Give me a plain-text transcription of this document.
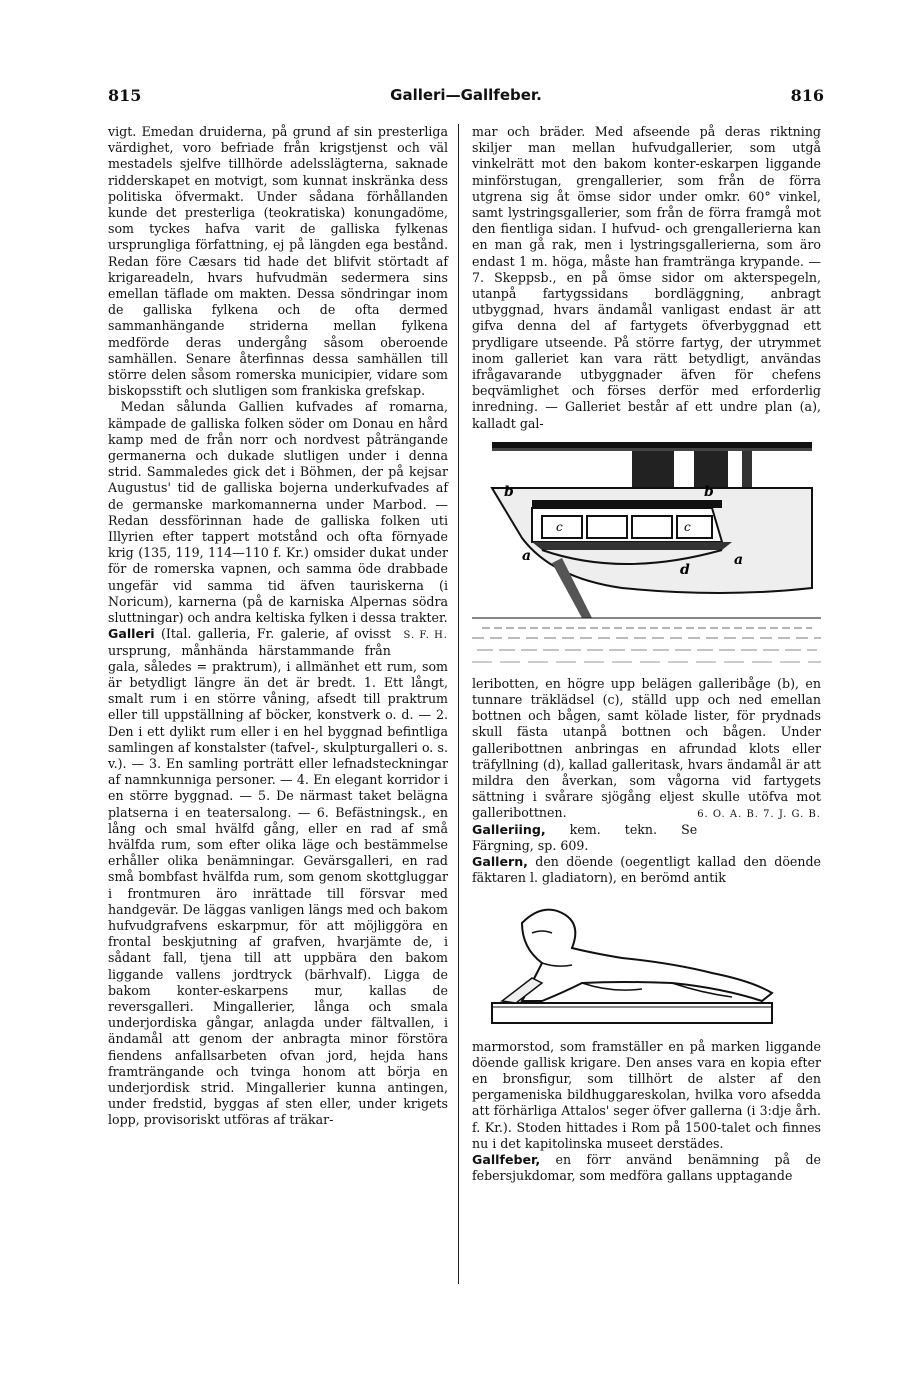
815	Galleri—Gallfeber.	816

vigt. Emedan druiderna, på grund af sin presterliga värdighet, voro befriade från krigstjenst och väl mestadels sjelfve tillhörde adelsslägterna, saknade ridderskapet en motvigt, som kunnat inskränka dess politiska öfvermakt. Under sådana förhållanden kunde det presterliga (teokratiska) konungadöme, som tyckes hafva varit de galliska fylkenas ursprungliga författning, ej på längden ega bestånd. Redan före Cæsars tid hade det blifvit störtadt af krigareadeln, hvars hufvudmän sedermera sins emellan täflade om makten. Dessa söndringar inom de galliska fylkena och de ofta dermed sammanhängande striderna mellan fylkena medförde deras undergång såsom oberoende samhällen. Senare återfinnas dessa samhällen till större delen såsom romerska municipier, vidare som biskopsstift och slutligen som frankiska grefskap.

Medan sålunda Gallien kufvades af romarna, kämpade de galliska folken söder om Donau en hård kamp med de från norr och nordvest påträngande germanerna och dukade slutligen under i denna strid. Sammaledes gick det i Böhmen, der på kejsar Augustus' tid de galliska bojerna underkufvades af de germanske markomannerna under Marbod. — Redan dessförinnan hade de galliska folken uti Illyrien efter tappert motstånd och ofta förnyade krig (135, 119, 114—110 f. Kr.) omsider dukat under för de romerska vapnen, och samma öde drabbade ungefär vid samma tid äfven tauriskerna (i Noricum), karnerna (på de karniska Alpernas södra sluttningar) och andra keltiska fylken i dessa trakter.
S. F. H.

Galleri (Ital. galleria, Fr. galerie, af ovisst ursprung, månhända härstammande från gala, således = praktrum), i allmänhet ett rum, som är betydligt längre än det är bredt. 1. Ett långt, smalt rum i en större våning, afsedt till praktrum eller till uppställning af böcker, konstverk o. d. — 2. Den i ett dylikt rum eller i en hel byggnad befintliga samlingen af konstalster (tafvel-, skulpturgalleri o. s. v.). — 3. En samling porträtt eller lefnadsteckningar af namnkunniga personer. — 4. En elegant korridor i en större byggnad. — 5. De närmast taket belägna platserna i en teatersalong. — 6. Befästningsk., en lång och smal hvälfd gång, eller en rad af små hvälfda rum, som efter olika läge och bestämmelse erhåller olika benämningar. Gevärsgalleri, en rad små bombfast hvälfda rum, som genom skottgluggar i frontmuren äro inrättade till försvar med handgevär. De läggas vanligen längs med och bakom hufvudgrafvens eskarpmur, för att möjliggöra en frontal beskjutning af grafven, hvarjämte de, i sådant fall, tjena till att uppbära den bakom liggande vallens jordtryck (bärhvalf). Ligga de bakom konter-eskarpens mur, kallas de reversgalleri. Mingallerier, långa och smala underjordiska gångar, anlagda under fältvallen, i ändamål att genom der anbragta minor förstöra fiendens anfallsarbeten ofvan jord, hejda hans framträngande och tvinga honom att börja en underjordisk strid. Mingallerier kunna antingen, under fredstid, byggas af sten eller, under krigets lopp, provisoriskt utföras af träkar-

mar och bräder. Med afseende på deras riktning skiljer man mellan hufvudgallerier, som utgå vinkelrätt mot den bakom konter-eskarpen liggande minförstugan, grengallerier, som från de förra utgrena sig åt ömse sidor under omkr. 60° vinkel, samt lystringsgallerier, som från de förra framgå mot den fientliga sidan. I hufvud- och grengallerierna kan en man gå rak, men i lystringsgallerierna, som äro endast 1 m. höga, måste han framtränga krypande. — 7. Skeppsb., en på ömse sidor om akterspegeln, utanpå fartygssidans bordläggning, anbragt utbyggnad, hvars ändamål vanligast endast är att gifva denna del af fartygets öfverbyggnad ett prydligare utseende. På större fartyg, der utrymmet inom galleriet kan vara rätt betydligt, användas ifrågavarande utbyggnader äfven för chefens beqvämlighet och förses derför med erforderlig inredning. — Galleriet består af ett undre plan (a), kalladt gal-

b	b
c	c
a	a
d

leribotten, en högre upp belägen galleribåge (b), en tunnare träklädsel (c), ställd upp och ned emellan bottnen och bågen, samt kölade lister, för prydnads skull fästa utanpå bottnen och bågen. Under galleribottnen anbringas en afrundad klots eller träfyllning (d), kallad galleritask, hvars ändamål är att mildra den åverkan, som vågorna vid fartygets sättning i svårare sjögång eljest skulle utöfva mot galleribottnen.	6. O. A. B. 7. J. G. B.

Galleriing, kem. tekn. Se Färgning, sp. 609.

Gallern, den döende (oegentligt kallad den döende fäktaren l. gladiatorn), en berömd antik

marmorstod, som framställer en på marken liggande döende gallisk krigare. Den anses vara en kopia efter en bronsfigur, som tillhört de alster af den pergameniska bildhuggareskolan, hvilka voro afsedda att förhärliga Attalos' seger öfver gallerna (i 3:dje årh. f. Kr.). Stoden hittades i Rom på 1500-talet och finnes nu i det kapitolinska museet derstädes.

Gallfeber, en förr använd benämning på de febersjukdomar, som medföra gallans upptagande
